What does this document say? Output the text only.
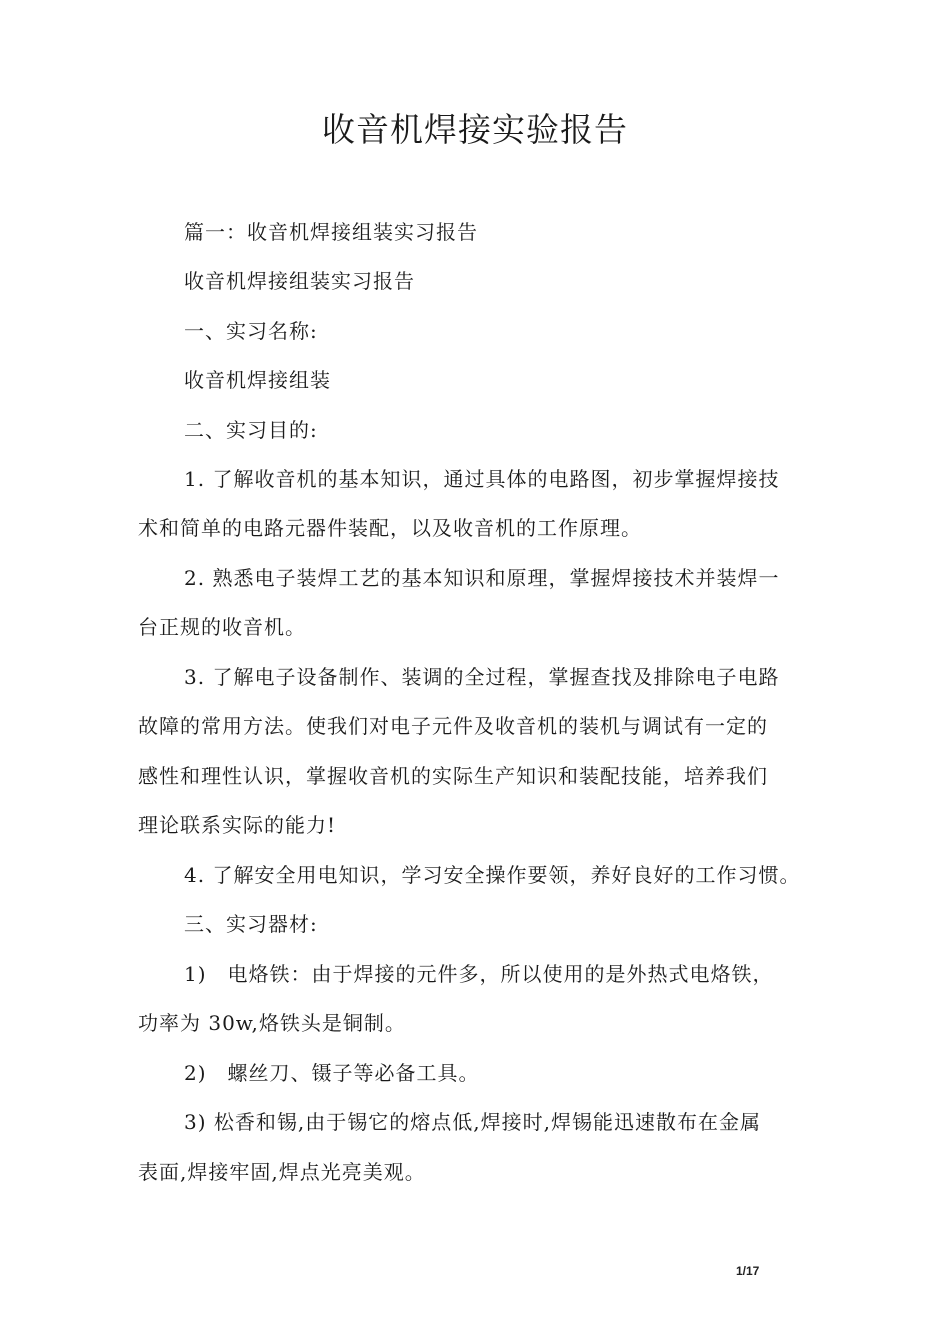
收音机焊接实验报告
篇一：收音机焊接组装实习报告
收音机焊接组装实习报告
一、实习名称:
收音机焊接组装
二、实习目的:
1. 了解收音机的基本知识，通过具体的电路图，初步掌握焊接技
术和简单的电路元器件装配，以及收音机的工作原理。
2. 熟悉电子装焊工艺的基本知识和原理，掌握焊接技术并装焊一
台正规的收音机。
3. 了解电子设备制作、装调的全过程，掌握查找及排除电子电路
故障的常用方法。使我们对电子元件及收音机的装机与调试有一定的
感性和理性认识，掌握收音机的实际生产知识和装配技能，培养我们
理论联系实际的能力!
4. 了解安全用电知识，学习安全操作要领，养好良好的工作习惯。
三、实习器材:
1)　电烙铁：由于焊接的元件多，所以使用的是外热式电烙铁，
功率为 30w,烙铁头是铜制。
2)　螺丝刀、镊子等必备工具。
3) 松香和锡,由于锡它的熔点低,焊接时,焊锡能迅速散布在金属
表面,焊接牢固,焊点光亮美观。
1/17
